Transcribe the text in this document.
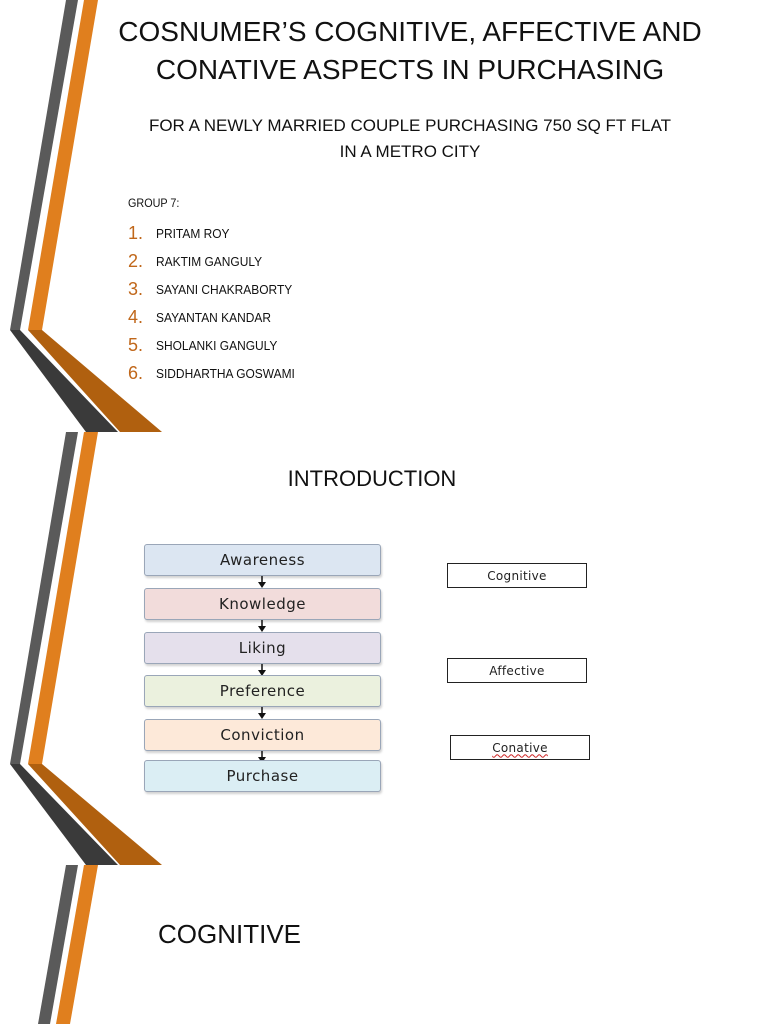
COSNUMER’S COGNITIVE, AFFECTIVE AND
CONATIVE ASPECTS IN PURCHASING
FOR A NEWLY MARRIED COUPLE PURCHASING 750 SQ FT FLAT
IN A METRO CITY
GROUP 7:
1. PRITAM ROY
2. RAKTIM GANGULY
3. SAYANI CHAKRABORTY
4. SAYANTAN KANDAR
5. SHOLANKI GANGULY
6. SIDDHARTHA GOSWAMI
INTRODUCTION
Awareness
Knowledge
Liking
Preference
Conviction
Purchase
Cognitive
Affective
Conative
COGNITIVE
